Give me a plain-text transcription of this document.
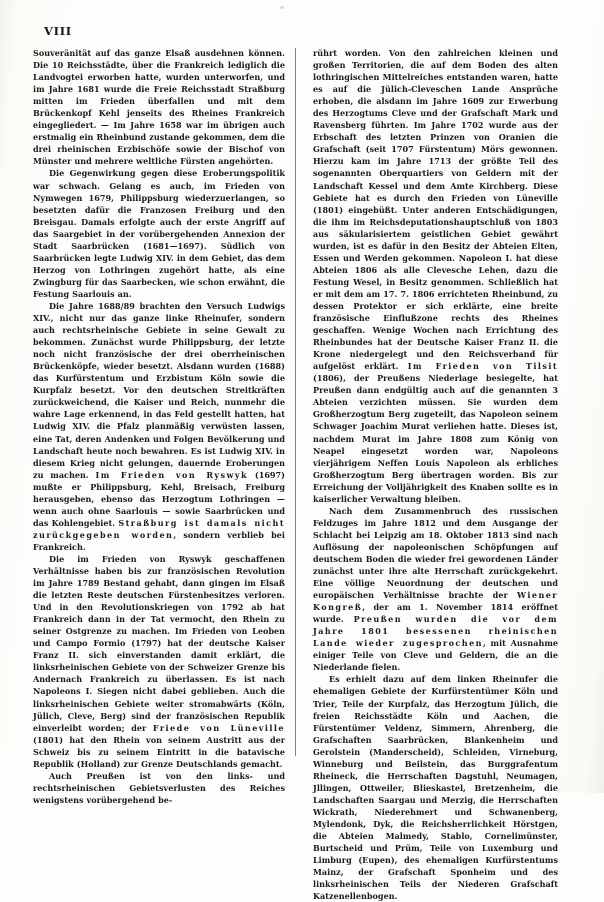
VIII

Souveränität auf das ganze Elsaß ausdehnen können. Die 10 Reichsstädte, über die Frankreich lediglich die Landvogtei erworben hatte, wurden unterworfen, und im Jahre 1681 wurde die Freie Reichsstadt Straßburg mitten im Frieden überfallen und mit dem Brückenkopf Kehl jenseits des Rheines Frankreich eingegliedert. — Im Jahre 1658 war im übrigen auch erstmalig ein Rheinbund zustande gekommen, dem die drei rheinischen Erzbischöfe sowie der Bischof von Münster und mehrere weltliche Fürsten angehörten.

Die Gegenwirkung gegen diese Eroberungspolitik war schwach. Gelang es auch, im Frieden von Nymwegen 1679, Philippsburg wiederzuerlangen, so besetzten dafür die Franzosen Freiburg und den Breisgau. Damals erfolgte auch der erste Angriff auf das Saargebiet in der vorübergehenden Annexion der Stadt Saarbrücken (1681—1697). Südlich von Saarbrücken legte Ludwig XIV. in dem Gebiet, das dem Herzog von Lothringen zugehört hatte, als eine Zwingburg für das Saarbecken, wie schon erwähnt, die Festung Saarlouis an.

Die Jahre 1688/89 brachten den Versuch Ludwigs XIV., nicht nur das ganze linke Rheinufer, sondern auch rechtsrheinische Gebiete in seine Gewalt zu bekommen. Zunächst wurde Philippsburg, der letzte noch nicht französische der drei oberrheinischen Brückenköpfe, wieder besetzt. Alsdann wurden (1688) das Kurfürstentum und Erzbistum Köln sowie die Kurpfalz besetzt. Vor den deutschen Streitkräften zurückweichend, die Kaiser und Reich, nunmehr die wahre Lage erkennend, in das Feld gestellt hatten, hat Ludwig XIV. die Pfalz planmäßig verwüsten lassen, eine Tat, deren Andenken und Folgen Bevölkerung und Landschaft heute noch bewahren. Es ist Ludwig XIV. in diesem Krieg nicht gelungen, dauernde Eroberungen zu machen. Im Frieden von Ryswyk (1697) mußte er Philippsburg, Kehl, Breisach, Freiburg herausgeben, ebenso das Herzogtum Lothringen — wenn auch ohne Saarlouis — sowie Saarbrücken und das Kohlengebiet. Straßburg ist damals nicht zurückgegeben worden, sondern verblieb bei Frankreich.

Die im Frieden von Ryswyk geschaffenen Verhältnisse haben bis zur französischen Revolution im Jahre 1789 Bestand gehabt, dann gingen im Elsaß die letzten Reste deutschen Fürstenbesitzes verloren. Und in den Revolutionskriegen von 1792 ab hat Frankreich dann in der Tat vermocht, den Rhein zu seiner Ostgrenze zu machen. Im Frieden von Leoben und Campo Formio (1797) hat der deutsche Kaiser Franz II. sich einverstanden damit erklärt, die linksrheinischen Gebiete von der Schweizer Grenze bis Andernach Frankreich zu überlassen. Es ist nach Napoleons I. Siegen nicht dabei geblieben. Auch die linksrheinischen Gebiete weiter stromabwärts (Köln, Jülich, Cleve, Berg) sind der französischen Republik einverleibt worden; der Friede von Lüneville (1801) hat den Rhein von seinem Austritt aus der Schweiz bis zu seinem Eintritt in die batavische Republik (Holland) zur Grenze Deutschlands gemacht.

Auch Preußen ist von den links- und rechtsrheinischen Gebietsverlusten des Reiches wenigstens vorübergehend be-

rührt worden. Von den zahlreichen kleinen und großen Territorien, die auf dem Boden des alten lothringischen Mittelreiches entstanden waren, hatte es auf die Jülich-Cleveschen Lande Ansprüche erhoben, die alsdann im Jahre 1609 zur Erwerbung des Herzogtums Cleve und der Grafschaft Mark und Ravensberg führten. Im Jahre 1702 wurde aus der Erbschaft des letzten Prinzen von Oranien die Grafschaft (seit 1707 Fürstentum) Mörs gewonnen. Hierzu kam im Jahre 1713 der größte Teil des sogenannten Oberquartiers von Geldern mit der Landschaft Kessel und dem Amte Kirchberg. Diese Gebiete hat es durch den Frieden von Lüneville (1801) eingebüßt. Unter anderen Entschädigungen, die ihm im Reichsdeputationshauptschluß von 1803 aus säkularisiertem geistlichen Gebiet gewährt wurden, ist es dafür in den Besitz der Abteien Elten, Essen und Werden gekommen. Napoleon I. hat diese Abteien 1806 als alle Clevesche Lehen, dazu die Festung Wesel, in Besitz genommen. Schließlich hat er mit dem am 17. 7. 1806 errichteten Rheinbund, zu dessen Protektor er sich erklärte, eine breite französische Einflußzone rechts des Rheines geschaffen. Wenige Wochen nach Errichtung des Rheinbundes hat der Deutsche Kaiser Franz II. die Krone niedergelegt und den Reichsverband für aufgelöst erklärt. Im Frieden von Tilsit (1806), der Preußens Niederlage besiegelte, hat Preußen dann endgültig auch auf die genannten 3 Abteien verzichten müssen. Sie wurden dem Großherzogtum Berg zugeteilt, das Napoleon seinem Schwager Joachim Murat verliehen hatte. Dieses ist, nachdem Murat im Jahre 1808 zum König von Neapel eingesetzt worden war, Napoleons vierjährigem Neffen Louis Napoleon als erbliches Großherzogtum Berg übertragen worden. Bis zur Erreichung der Volljährigkeit des Knaben sollte es in kaiserlicher Verwaltung bleiben.

Nach dem Zusammenbruch des russischen Feldzuges im Jahre 1812 und dem Ausgange der Schlacht bei Leipzig am 18. Oktober 1813 sind nach Auflösung der napoleonischen Schöpfungen auf deutschem Boden die wieder frei gewordenen Länder zunächst unter ihre alte Herrschaft zurückgekehrt. Eine völlige Neuordnung der deutschen und europäischen Verhältnisse brachte der Wiener Kongreß, der am 1. November 1814 eröffnet wurde. Preußen wurden die vor dem Jahre 1801 besessenen rheinischen Lande wieder zugesprochen, mit Ausnahme einiger Teile von Cleve und Geldern, die an die Niederlande fielen.

Es erhielt dazu auf dem linken Rheinufer die ehemaligen Gebiete der Kurfürstentümer Köln und Trier, Teile der Kurpfalz, das Herzogtum Jülich, die freien Reichsstädte Köln und Aachen, die Fürstentümer Veldenz, Simmern, Ahrenberg, die Grafschaften Saarbrücken, Blankenheim und Gerolstein (Manderscheid), Schleiden, Virneburg, Winneburg und Beilstein, das Burggrafentum Rheineck, die Herrschaften Dagstuhl, Neumagen, Jllingen, Ottweiler, Blieskastel, Bretzenheim, die Landschaften Saargau und Merzig, die Herrschaften Wickrath, Niederehmert und Schwanenberg, Mylendonk, Dyk, die Reichsherrlichkeit Hörstgen, die Abteien Malmedy, Stablo, Cornelimünster, Burtscheid und Prüm, Teile von Luxemburg und Limburg (Eupen), des ehemaligen Kurfürstentums Mainz, der Grafschaft Sponheim und des linksrheinischen Teils der Niederen Grafschaft Katzenellenbogen.
